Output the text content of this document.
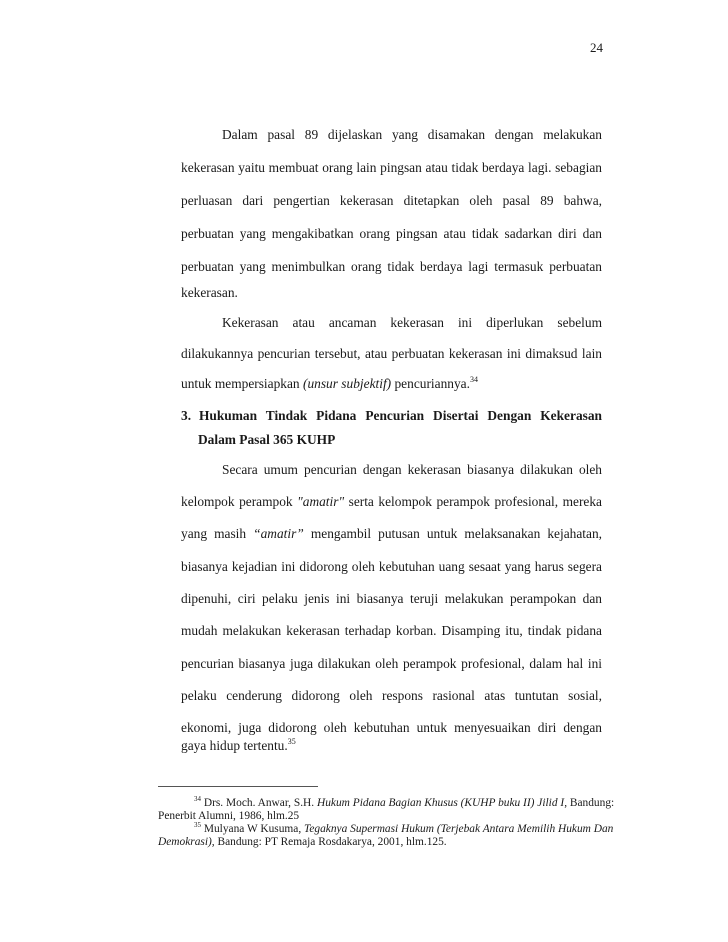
24
Dalam pasal 89 dijelaskan yang disamakan dengan melakukan
kekerasan yaitu membuat orang lain pingsan atau tidak berdaya lagi. sebagian
perluasan dari pengertian kekerasan ditetapkan oleh pasal 89 bahwa,
perbuatan yang mengakibatkan orang pingsan atau tidak sadarkan diri dan
perbuatan yang menimbulkan orang tidak berdaya lagi termasuk perbuatan
kekerasan.
Kekerasan atau ancaman kekerasan ini diperlukan sebelum
dilakukannya pencurian tersebut, atau perbuatan kekerasan ini dimaksud lain
untuk mempersiapkan (unsur subjektif) pencuriannya.$^{34}$
3. Hukuman Tindak Pidana Pencurian Disertai Dengan Kekerasan
Dalam Pasal 365 KUHP
Secara umum pencurian dengan kekerasan biasanya dilakukan oleh
kelompok perampok "amatir" serta kelompok perampok profesional, mereka
yang masih “amatir” mengambil putusan untuk melaksanakan kejahatan,
biasanya kejadian ini didorong oleh kebutuhan uang sesaat yang harus segera
dipenuhi, ciri pelaku jenis ini biasanya teruji melakukan perampokan dan
mudah melakukan kekerasan terhadap korban. Disamping itu, tindak pidana
pencurian biasanya juga dilakukan oleh perampok profesional, dalam hal ini
pelaku cenderung didorong oleh respons rasional atas tuntutan sosial,
ekonomi, juga didorong oleh kebutuhan untuk menyesuaikan diri dengan
gaya hidup tertentu.$^{35}$
$^{34}$ Drs. Moch. Anwar, S.H. Hukum Pidana Bagian Khusus (KUHP buku II) Jilid I, Bandung:
Penerbit Alumni, 1986, hlm.25
$^{35}$ Mulyana W Kusuma, Tegaknya Supermasi Hukum (Terjebak Antara Memilih Hukum Dan
Demokrasi), Bandung: PT Remaja Rosdakarya, 2001, hlm.125.
